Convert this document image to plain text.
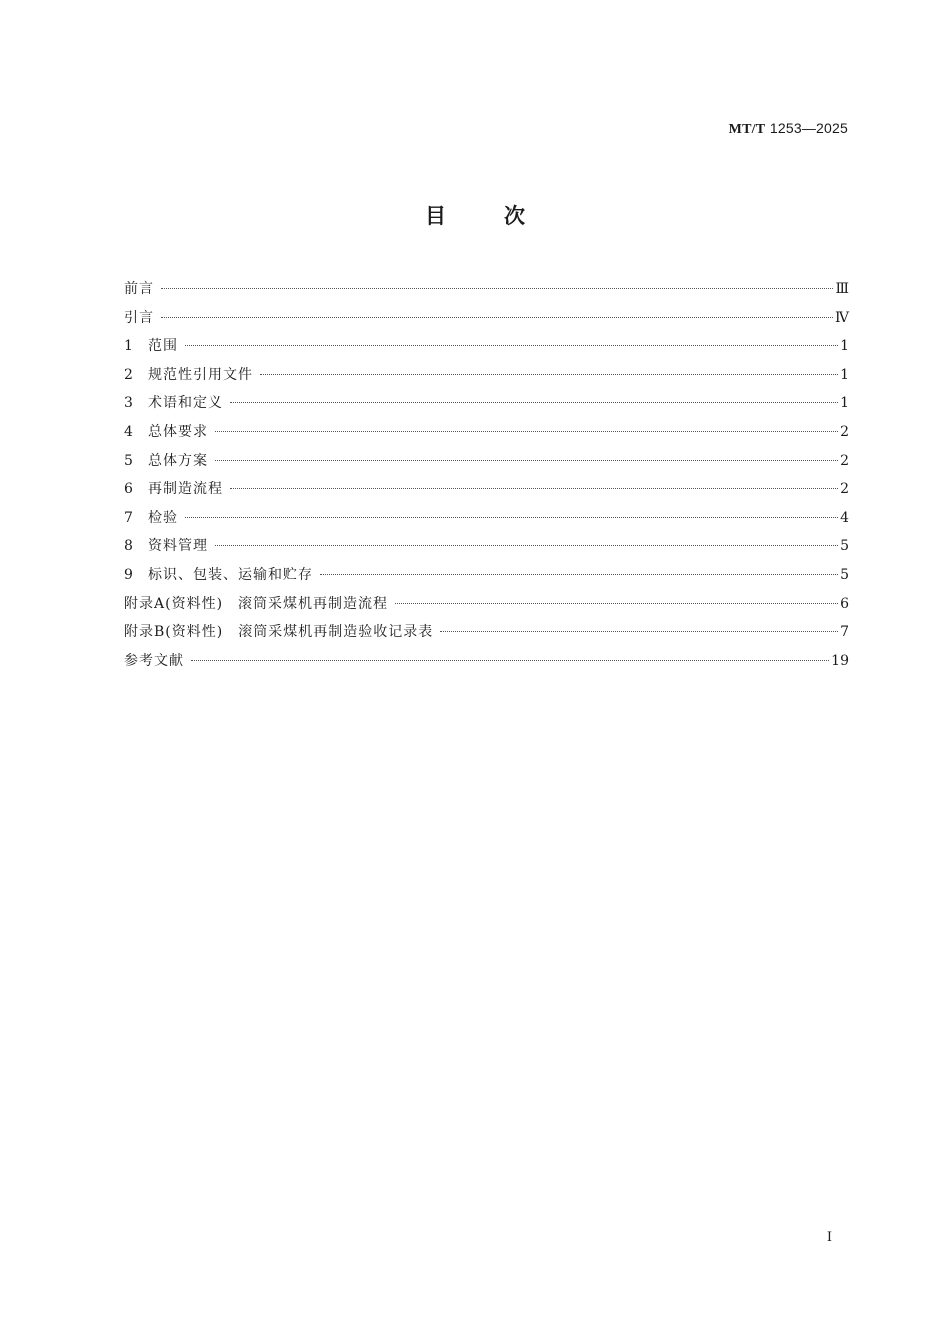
MT/T 1253—2025
目	次
前言	Ⅲ
引言	Ⅳ
1	范围	1
2	规范性引用文件	1
3	术语和定义	1
4	总体要求	2
5	总体方案	2
6	再制造流程	2
7	检验	4
8	资料管理	5
9	标识、包装、运输和贮存	5
附录A(资料性)　滚筒采煤机再制造流程	6
附录B(资料性)　滚筒采煤机再制造验收记录表	7
参考文献	19
I
